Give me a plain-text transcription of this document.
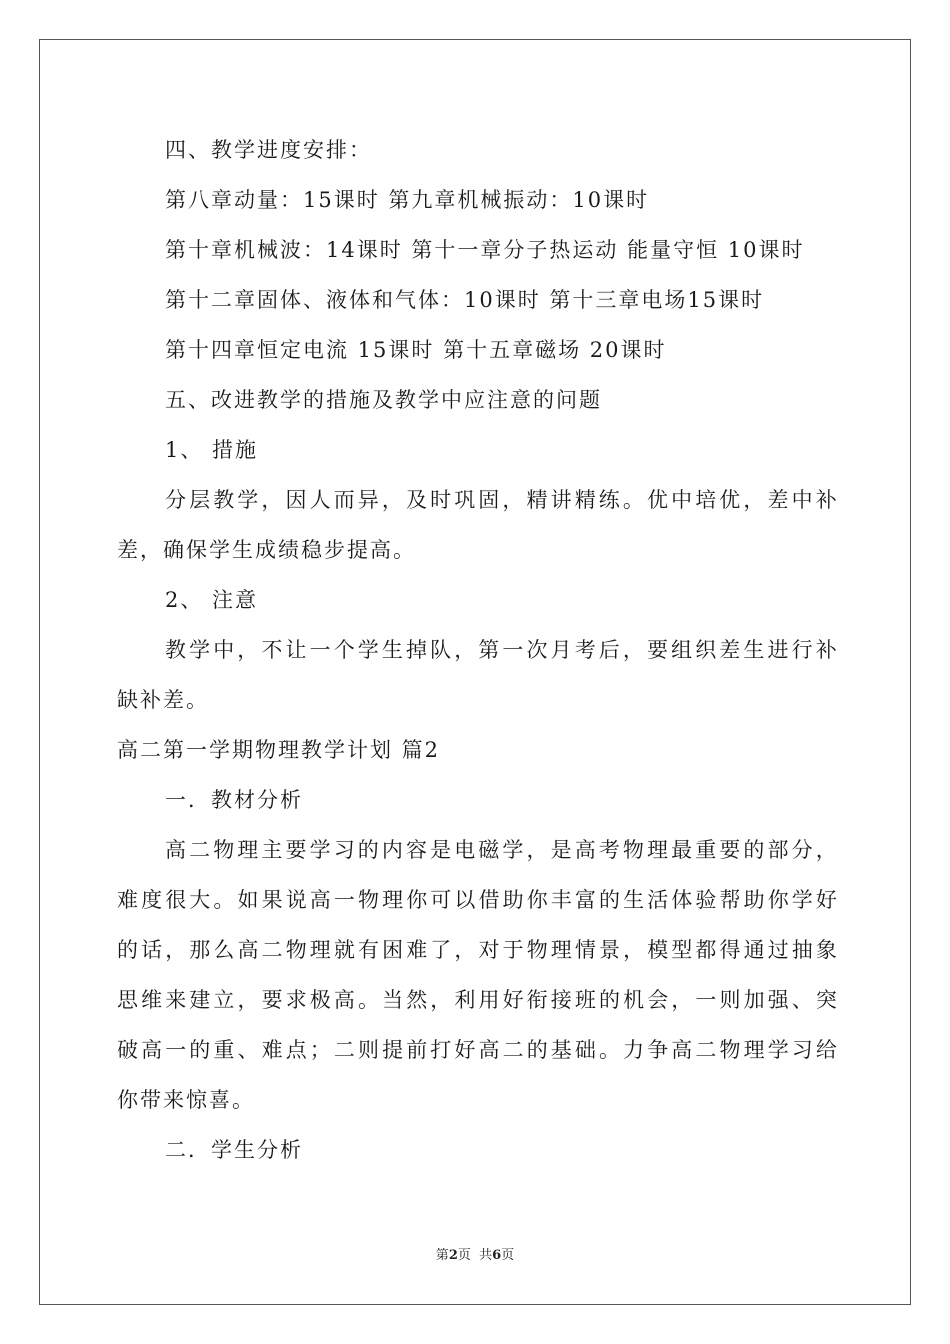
四、教学进度安排：
第八章动量：15课时 第九章机械振动：10课时
第十章机械波：14课时 第十一章分子热运动 能量守恒 10课时
第十二章固体、液体和气体：10课时 第十三章电场15课时
第十四章恒定电流 15课时 第十五章磁场 20课时
五、改进教学的措施及教学中应注意的问题
1、 措施
分层教学，因人而异，及时巩固，精讲精练。优中培优，差中补
差，确保学生成绩稳步提高。
2、 注意
教学中，不让一个学生掉队，第一次月考后，要组织差生进行补
缺补差。
高二第一学期物理教学计划 篇2
一．教材分析
高二物理主要学习的内容是电磁学，是高考物理最重要的部分，
难度很大。如果说高一物理你可以借助你丰富的生活体验帮助你学好
的话，那么高二物理就有困难了，对于物理情景，模型都得通过抽象
思维来建立，要求极高。当然，利用好衔接班的机会，一则加强、突
破高一的重、难点；二则提前打好高二的基础。力争高二物理学习给
你带来惊喜。
二．学生分析
第2页  共6页
